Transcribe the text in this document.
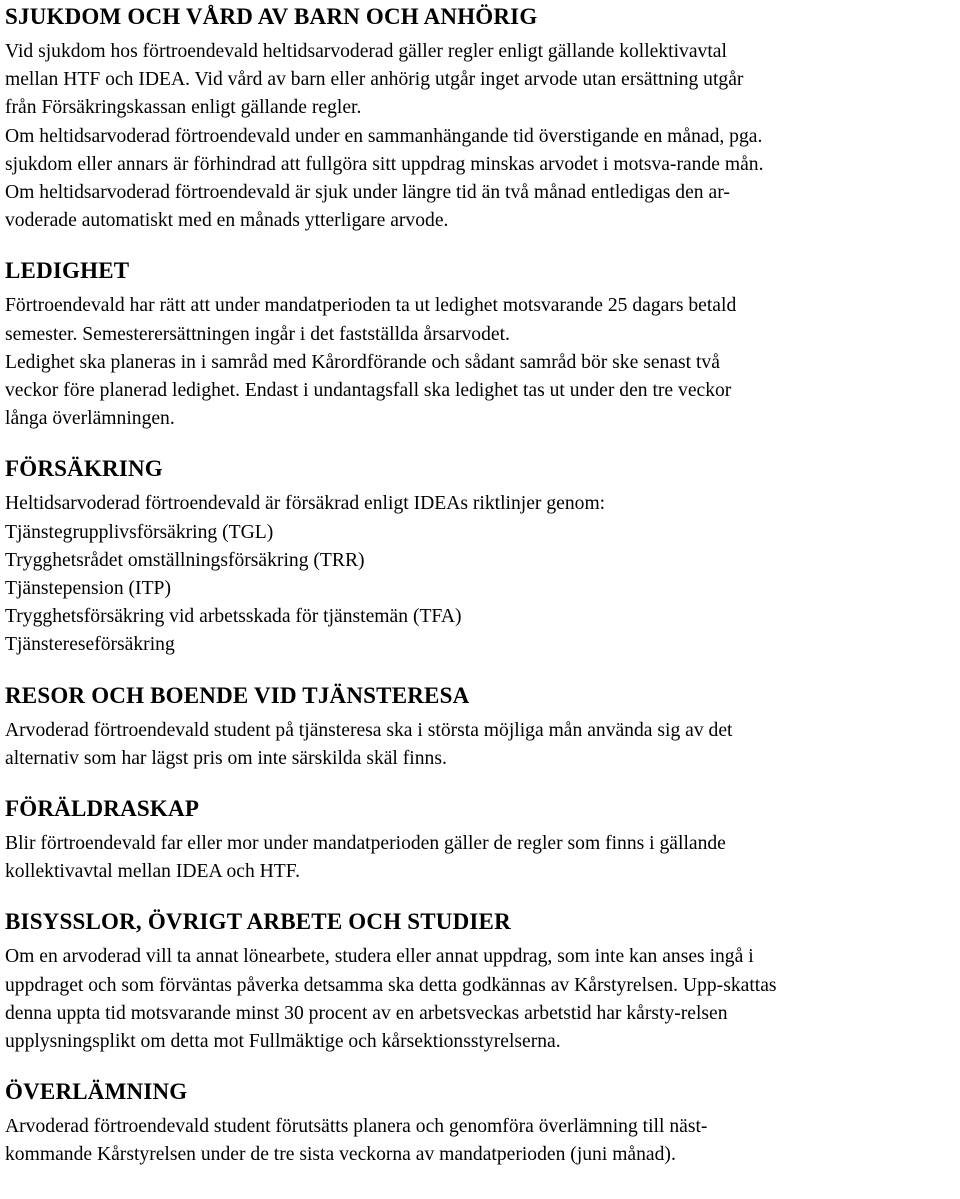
SJUKDOM OCH VÅRD AV BARN OCH ANHÖRIG

Vid sjukdom hos förtroendevald heltidsarvoderad gäller regler enligt gällande kollektivavtal

mellan HTF och IDEA. Vid vård av barn eller anhörig utgår inget arvode utan ersättning utgår

från Försäkringskassan enligt gällande regler.

Om heltidsarvoderad förtroendevald under en sammanhängande tid överstigande en månad, pga.

sjukdom eller annars är förhindrad att fullgöra sitt uppdrag minskas arvodet i motsva-rande mån.

Om heltidsarvoderad förtroendevald är sjuk under längre tid än två månad entledigas den ar-

voderade automatiskt med en månads ytterligare arvode.

LEDIGHET

Förtroendevald har rätt att under mandatperioden ta ut ledighet motsvarande 25 dagars betald

semester. Semesterersättningen ingår i det fastställda årsarvodet.

Ledighet ska planeras in i samråd med Kårordförande och sådant samråd bör ske senast två

veckor före planerad ledighet. Endast i undantagsfall ska ledighet tas ut under den tre veckor

långa överlämningen.

FÖRSÄKRING

Heltidsarvoderad förtroendevald är försäkrad enligt IDEAs riktlinjer genom:

Tjänstegrupplivsförsäkring (TGL)

Trygghetsrådet omställningsförsäkring (TRR)

Tjänstepension (ITP)

Trygghetsförsäkring vid arbetsskada för tjänstemän (TFA)

Tjänstereseförsäkring

RESOR OCH BOENDE VID TJÄNSTERESA

Arvoderad förtroendevald student på tjänsteresa ska i största möjliga mån använda sig av det

alternativ som har lägst pris om inte särskilda skäl finns.

FÖRÄLDRASKAP

Blir förtroendevald far eller mor under mandatperioden gäller de regler som finns i gällande

kollektivavtal mellan IDEA och HTF.

BISYSSLOR, ÖVRIGT ARBETE OCH STUDIER

Om en arvoderad vill ta annat lönearbete, studera eller annat uppdrag, som inte kan anses ingå i

uppdraget och som förväntas påverka detsamma ska detta godkännas av Kårstyrelsen. Upp-skattas

denna uppta tid motsvarande minst 30 procent av en arbetsveckas arbetstid har kårsty-relsen

upplysningsplikt om detta mot Fullmäktige och kårsektionsstyrelserna.

ÖVERLÄMNING

Arvoderad förtroendevald student förutsätts planera och genomföra överlämning till näst-

kommande Kårstyrelsen under de tre sista veckorna av mandatperioden (juni månad).
